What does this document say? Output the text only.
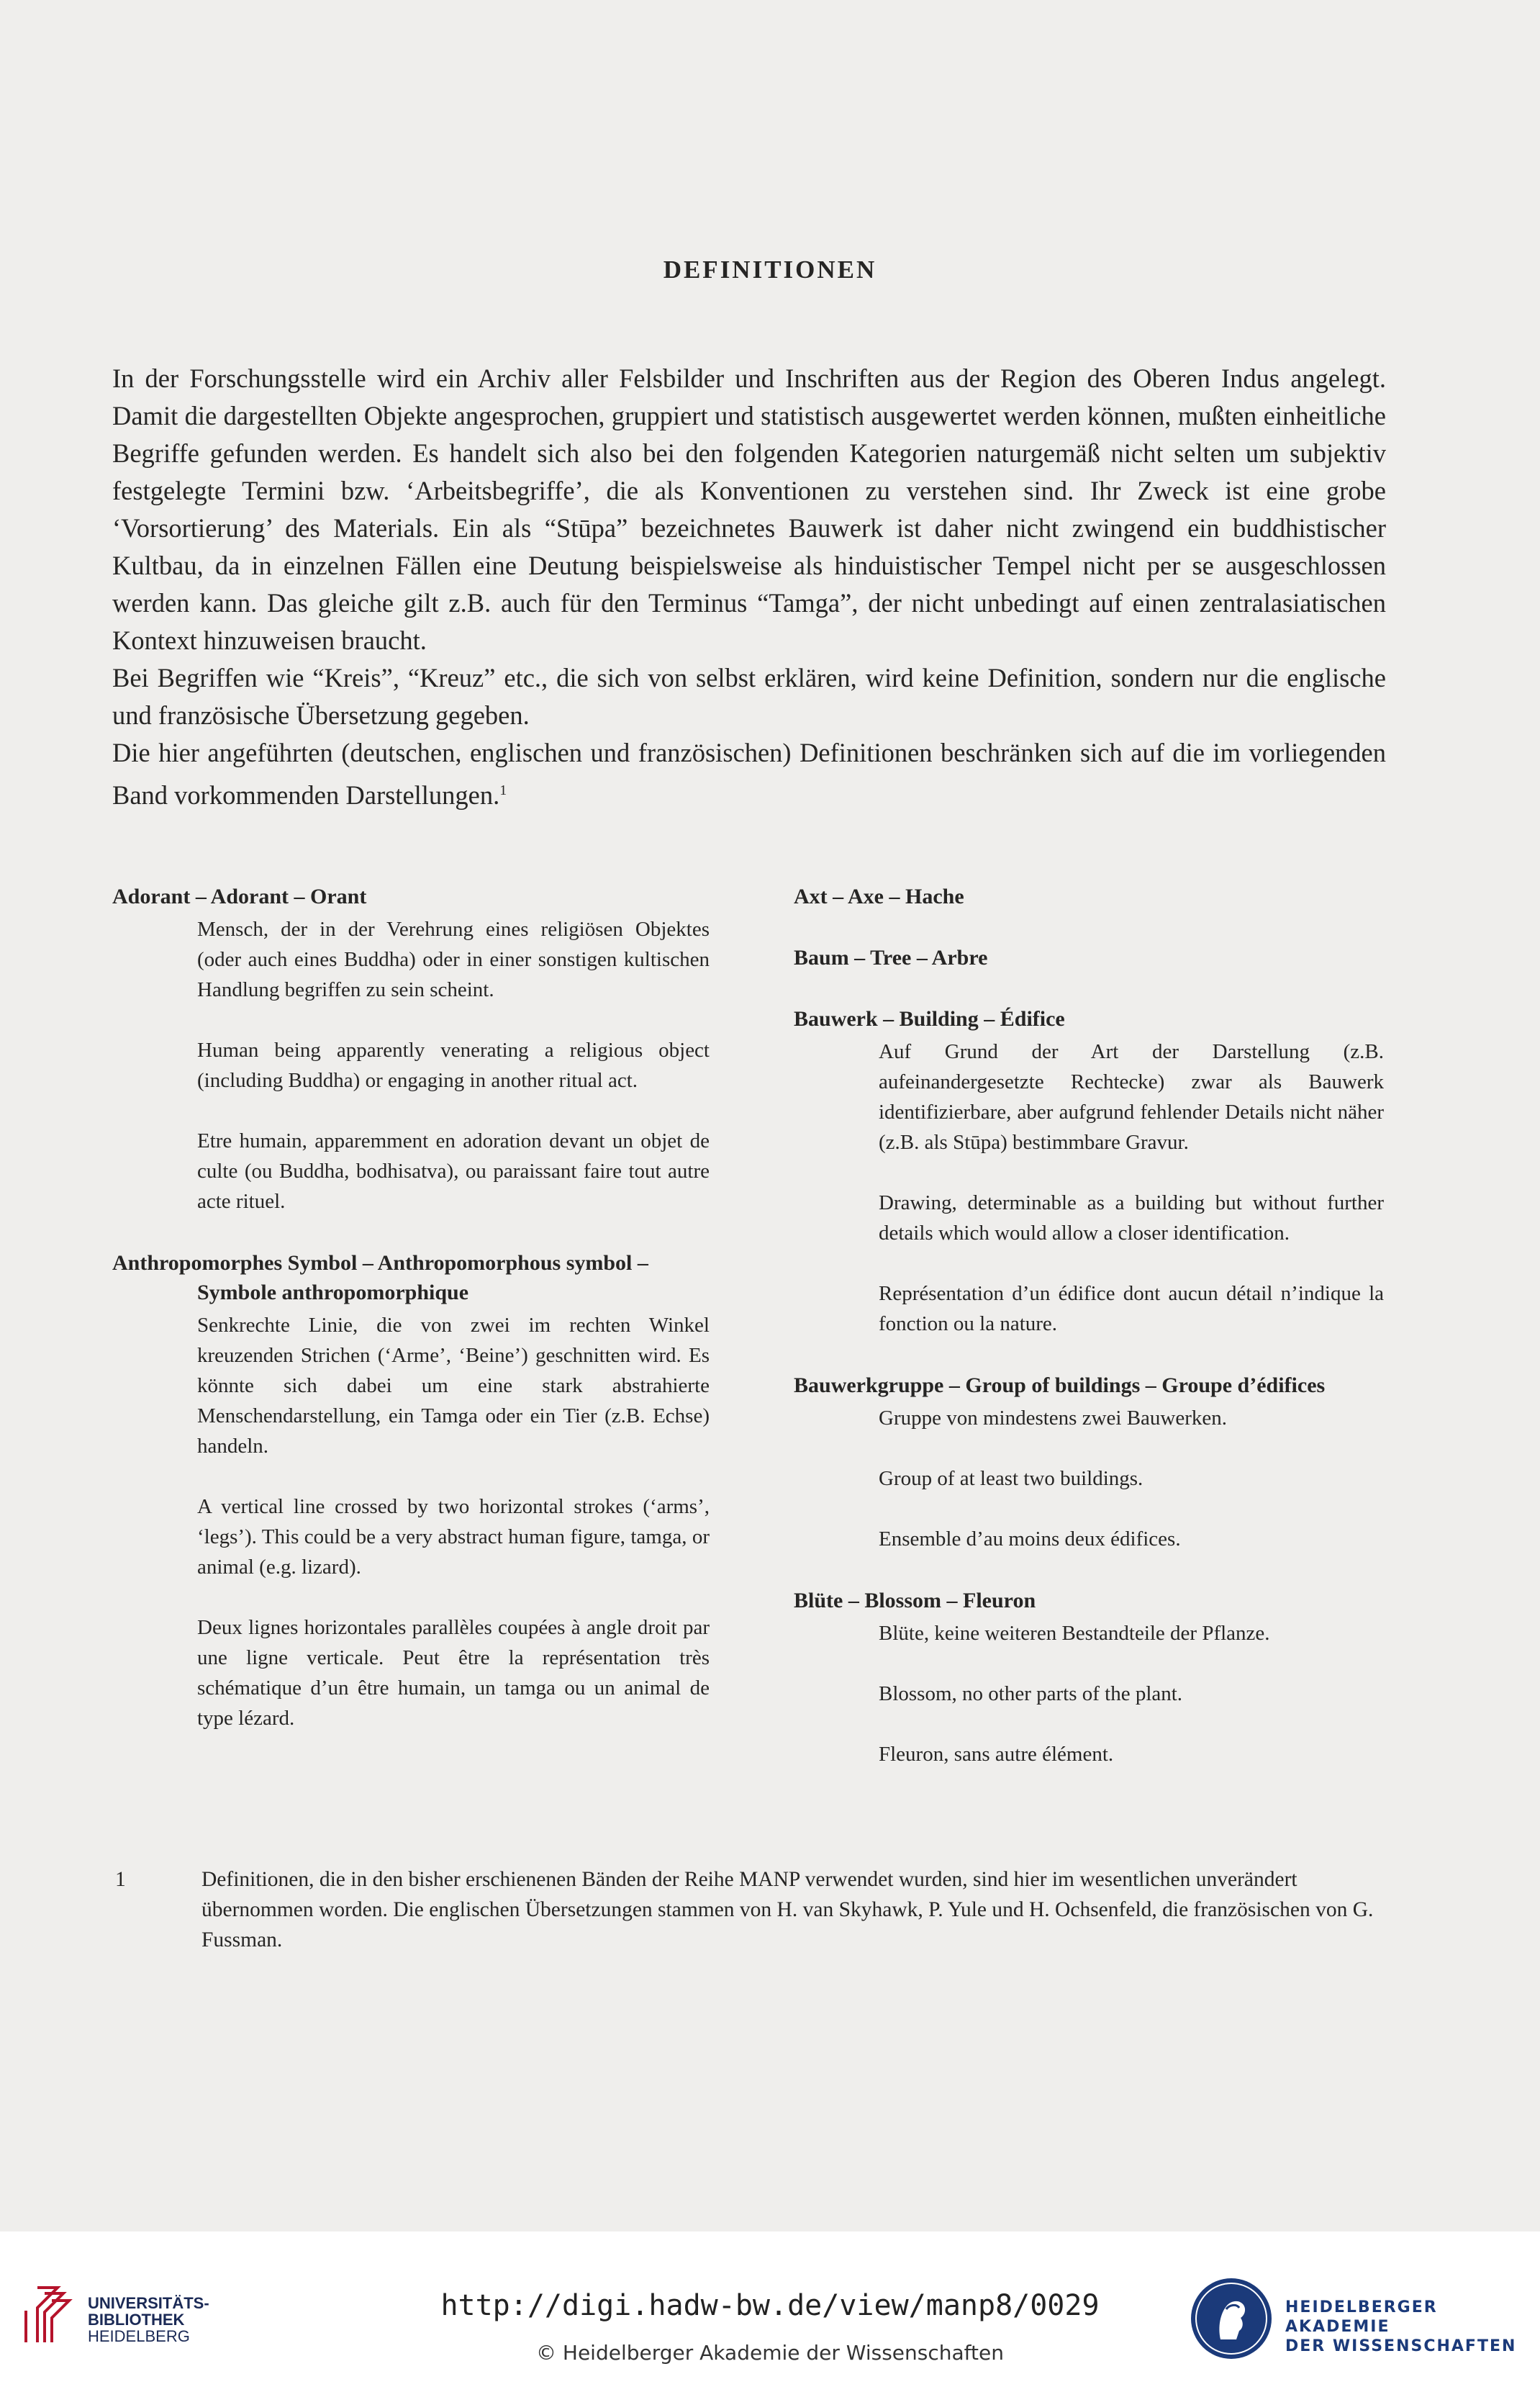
DEFINITIONEN

In der Forschungsstelle wird ein Archiv aller Felsbilder und Inschriften aus der Region des Oberen Indus angelegt. Damit die dargestellten Objekte angesprochen, gruppiert und statistisch ausgewertet werden können, mußten einheitliche Begriffe gefunden werden. Es handelt sich also bei den folgenden Kategorien naturgemäß nicht selten um subjektiv festgelegte Termini bzw. ‘Arbeitsbegriffe’, die als Konventionen zu verstehen sind. Ihr Zweck ist eine grobe ‘Vorsortierung’ des Materials. Ein als “Stūpa” bezeichnetes Bauwerk ist daher nicht zwingend ein buddhistischer Kultbau, da in einzelnen Fällen eine Deutung beispielsweise als hinduistischer Tempel nicht per se ausgeschlossen werden kann. Das gleiche gilt z.B. auch für den Terminus “Tamga”, der nicht unbedingt auf einen zentralasiatischen Kontext hinzuweisen braucht.

Bei Begriffen wie “Kreis”, “Kreuz” etc., die sich von selbst erklären, wird keine Definition, sondern nur die englische und französische Übersetzung gegeben.

Die hier angeführten (deutschen, englischen und französischen) Definitionen beschränken sich auf die im vorliegenden Band vorkommenden Darstellungen.$^1$

Adorant – Adorant – Orant

Mensch, der in der Verehrung eines religiösen Objektes (oder auch eines Buddha) oder in einer sonstigen kultischen Handlung begriffen zu sein scheint.

Human being apparently venerating a religious object (including Buddha) or engaging in another ritual act.

Etre humain, apparemment en adoration devant un objet de culte (ou Buddha, bodhisatva), ou paraissant faire tout autre acte rituel.

Anthropomorphes Symbol – Anthropomorphous symbol –
Symbole anthropomorphique

Senkrechte Linie, die von zwei im rechten Winkel kreuzenden Strichen (‘Arme’, ‘Beine’) geschnitten wird. Es könnte sich dabei um eine stark abstrahierte Menschendarstellung, ein Tamga oder ein Tier (z.B. Echse) handeln.

A vertical line crossed by two horizontal strokes (‘arms’, ‘legs’). This could be a very abstract human figure, tamga, or animal (e.g. lizard).

Deux lignes horizontales parallèles coupées à angle droit par une ligne verticale. Peut être la représentation très schématique d’un être humain, un tamga ou un animal de type lézard.

Axt – Axe – Hache
Baum – Tree – Arbre
Bauwerk – Building – Édifice

Auf Grund der Art der Darstellung (z.B. aufeinandergesetzte Rechtecke) zwar als Bauwerk identifizierbare, aber aufgrund fehlender Details nicht näher (z.B. als Stūpa) bestimmbare Gravur.

Drawing, determinable as a building but without further details which would allow a closer identification.

Représentation d’un édifice dont aucun détail n’indique la fonction ou la nature.

Bauwerkgruppe – Group of buildings – Groupe d’édifices

Gruppe von mindestens zwei Bauwerken.

Group of at least two buildings.

Ensemble d’au moins deux édifices.

Blüte – Blossom – Fleuron

Blüte, keine weiteren Bestandteile der Pflanze.

Blossom, no other parts of the plant.

Fleuron, sans autre élément.

1	Definitionen, die in den bisher erschienenen Bänden der Reihe MANP verwendet wurden, sind hier im wesentlichen unverändert übernommen worden. Die englischen Übersetzungen stammen von H. van Skyhawk, P. Yule und H. Ochsenfeld, die französischen von G. Fussman.
UNIVERSITÄTS-
BIBLIOTHEK
HEIDELBERG
http://digi.hadw-bw.de/view/manp8/0029
© Heidelberger Akademie der Wissenschaften
HEIDELBERGER AKADEMIE
DER WISSENSCHAFTEN
